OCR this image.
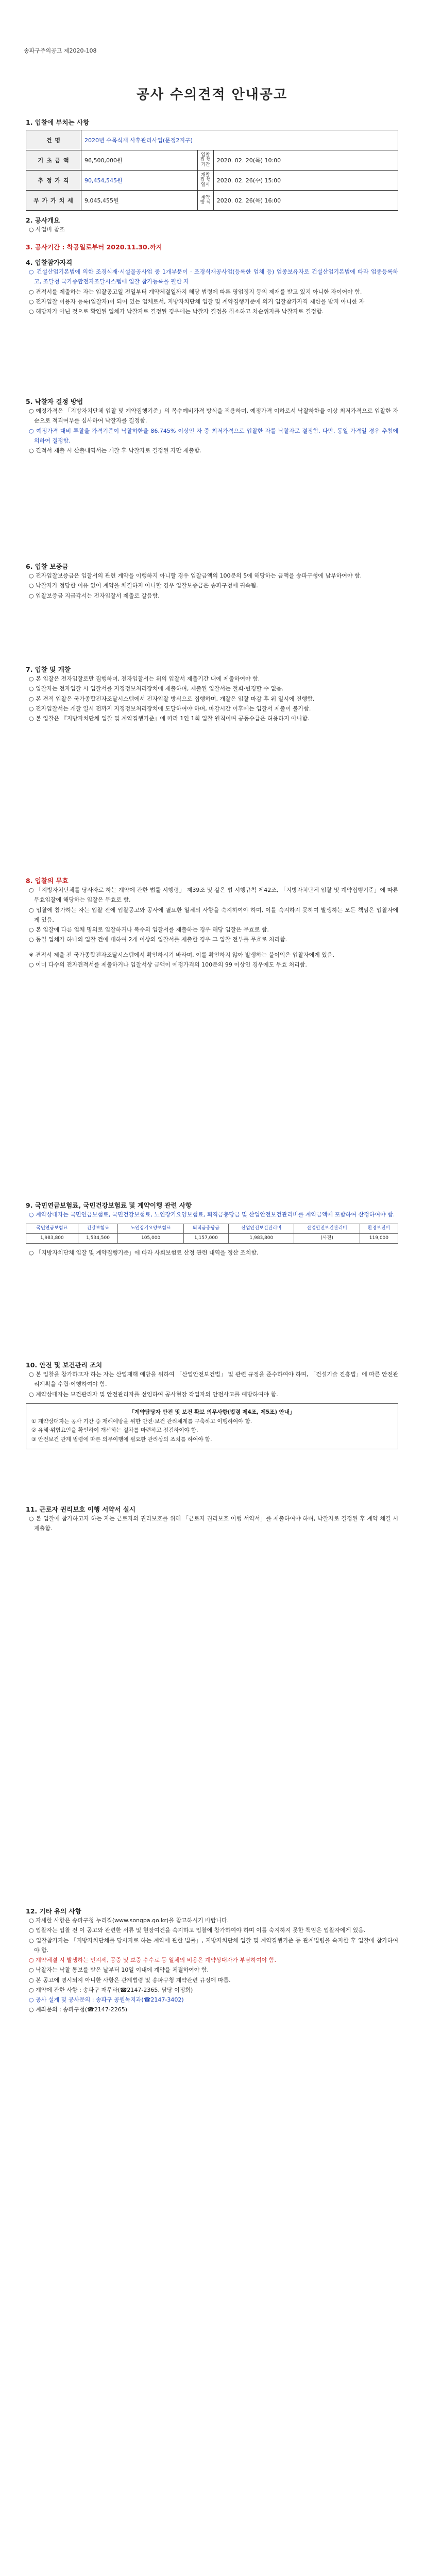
송파구주의공고 제2020-108
공사 수의견적 안내공고

1. 입찰에 부치는 사항

건 명	2020년 수목식재 사후관리사업(문정2지구)		
기 초 금 액	96,500,000원	입찰 집 행 기간	2020. 02. 20(목) 10:00
추 정 가 격	90,454,545원	개찰 집 행 일시	2020. 02. 26(수) 15:00
부 가 가 치 세	9,045,455원	계약 방 식	2020. 02. 26(목) 16:00

2. 공사개요

○ 사업비 참조

3. 공사기간 : 착공일로부터 2020.11.30.까지

4. 입찰참가자격

○ 건설산업기본법에 의한 조경식재·시설물공사업 중 1개부문이 · 조경식재공사업(등록한 업체 등) 업종보유자로 건설산업기본법에 따라 업종등록하고, 조달청 국가종합전자조달시스템에 입찰 참가등록을 필한 자

○ 견적서를 제출하는 자는 입찰공고일 전일부터 계약체결일까지 해당 법령에 따른 영업정지 등의 제재를 받고 있지 아니한 자이어야 함.

○ 전자입찰 이용자 등록(입찰자)이 되어 있는 업체로서, 지방자치단체 입찰 및 계약집행기준에 의거 입찰참가자격 제한을 받지 아니한 자

○ 해당자가 아닌 것으로 확인된 업체가 낙찰자로 결정된 경우에는 낙찰자 결정을 취소하고 차순위자를 낙찰자로 결정함.

5. 낙찰자 결정 방법

○ 예정가격은 「지방자치단체 입찰 및 계약집행기준」의 복수예비가격 방식을 적용하며, 예정가격 이하로서 낙찰하한율 이상 최저가격으로 입찰한 자 순으로 적격여부를 심사하여 낙찰자를 결정함.

○ 예정가격 대비 투찰율 가격기준이 낙찰하한율 86.745% 이상인 자 중 최저가격으로 입찰한 자를 낙찰자로 결정함. 다만, 동일 가격일 경우 추첨에 의하여 결정함.

○ 견적서 제출 시 산출내역서는 개찰 후 낙찰자로 결정된 자만 제출함.

6. 입찰 보증금

○ 전자입찰보증금은 입찰서의 관련 계약을 이행하지 아니할 경우 입찰금액의 100분의 5에 해당하는 금액을 송파구청에 납부하여야 함.

○ 낙찰자가 정당한 이유 없이 계약을 체결하지 아니할 경우 입찰보증금은 송파구청에 귀속됨.

○ 입찰보증금 지급각서는 전자입찰서 제출로 갈음함.

7. 입찰 및 개찰

○ 본 입찰은 전자입찰로만 집행하며, 전자입찰서는 위의 입찰서 제출기간 내에 제출하여야 함.

○ 입찰자는 전자입찰 시 입찰서를 지정정보처리장치에 제출하며, 제출된 입찰서는 철회·변경할 수 없음.

○ 본 견적 입찰은 국가종합전자조달시스템에서 전자입찰 방식으로 집행하며, 개찰은 입찰 마감 후 위 일시에 진행함.

○ 전자입찰서는 개찰 일시 전까지 지정정보처리장치에 도달하여야 하며, 마감시간 이후에는 입찰서 제출이 불가함.

○ 본 입찰은 『지방자치단체 입찰 및 계약집행기준』에 따라 1인 1회 입찰 원칙이며 공동수급은 허용하지 아니함.

8. 입찰의 무효

○ 「지방자치단체를 당사자로 하는 계약에 관한 법률 시행령」 제39조 및 같은 법 시행규칙 제42조, 「지방자치단체 입찰 및 계약집행기준」에 따른 무효입찰에 해당하는 입찰은 무효로 함.

○ 입찰에 참가하는 자는 입찰 전에 입찰공고와 공사에 필요한 일체의 사항을 숙지하여야 하며, 이를 숙지하지 못하여 발생하는 모든 책임은 입찰자에게 있음.

○ 본 입찰에 다른 업체 명의로 입찰하거나 복수의 입찰서를 제출하는 경우 해당 입찰은 무효로 함.

○ 동일 업체가 하나의 입찰 건에 대하여 2개 이상의 입찰서를 제출한 경우 그 입찰 전부를 무효로 처리함.

※ 견적서 제출 전 국가종합전자조달시스템에서 확인하시기 바라며, 이를 확인하지 않아 발생하는 불이익은 입찰자에게 있음.

○ 이미 다수의 전자견적서를 제출하거나 입찰서상 금액이 예정가격의 100분의 99 이상인 경우에도 무효 처리함.

9. 국민연금보험료, 국민건강보험료 및 계약이행 관련 사항

○ 계약상대자는 국민연금보험료, 국민건강보험료, 노인장기요양보험료, 퇴직금충당금 및 산업안전보건관리비를 계약금액에 포함하여 산정하여야 함.

국민연금보험료	건강보험료	노인장기요양보험료	퇴직금충당금	산업안전보건관리비	산업안전보건관리비	환경보전비
1,983,800	1,534,500	105,000	1,157,000	1,983,800	(사전)	119,000

○ 「지방자치단체 입찰 및 계약집행기준」에 따라 사회보험료 산정 관련 내역을 정산 조치함.

10. 안전 및 보건관리 조치

○ 본 입찰을 참가하고자 하는 자는 산업재해 예방을 위하여 「산업안전보건법」 및 관련 규정을 준수하여야 하며, 「건설기술 진흥법」에 따른 안전관리계획을 수립·이행하여야 함.

○ 계약상대자는 보건관리자 및 안전관리자를 선임하여 공사현장 작업자의 안전사고를 예방하여야 함.

「계약담당자 안전 및 보건 확보 의무사항(법령 제4조, 제5조) 안내」
① 계약상대자는 공사 기간 중 재해예방을 위한 안전·보건 관리체계를 구축하고 이행하여야 함.
② 유해·위험요인을 확인하여 개선하는 절차를 마련하고 점검하여야 함.
③ 안전보건 관계 법령에 따른 의무이행에 필요한 관리상의 조치를 하여야 함.

11. 근로자 권리보호 이행 서약서 실시

○ 본 입찰에 참가하고자 하는 자는 근로자의 권리보호를 위해 「근로자 권리보호 이행 서약서」를 제출하여야 하며, 낙찰자로 결정된 후 계약 체결 시 제출함.

12. 기타 유의 사항

○ 자세한 사항은 송파구청 누리집(www.songpa.go.kr)을 참고하시기 바랍니다.

○ 입찰자는 입찰 전 이 공고와 관련한 서류 및 현장여건을 숙지하고 입찰에 참가하여야 하며 이를 숙지하지 못한 책임은 입찰자에게 있음.

○ 입찰참가자는 「지방자치단체를 당사자로 하는 계약에 관한 법률」, 지방자치단체 입찰 및 계약집행기준 등 관계법령을 숙지한 후 입찰에 참가하여야 함.

○ 계약체결 시 발생하는 인지세, 공증 및 보증 수수료 등 일체의 비용은 계약상대자가 부담하여야 함.

○ 낙찰자는 낙찰 통보를 받은 날부터 10일 이내에 계약을 체결하여야 함.

○ 본 공고에 명시되지 아니한 사항은 관계법령 및 송파구청 계약관련 규정에 따름.

○ 계약에 관한 사항 : 송파구 재무과(☎2147-2365, 담당 이정희)

○ 공사 설계 및 공사문의 : 송파구 공원녹지과(☎2147-3402)

○ 계좌문의 : 송파구청(☎2147-2265)
